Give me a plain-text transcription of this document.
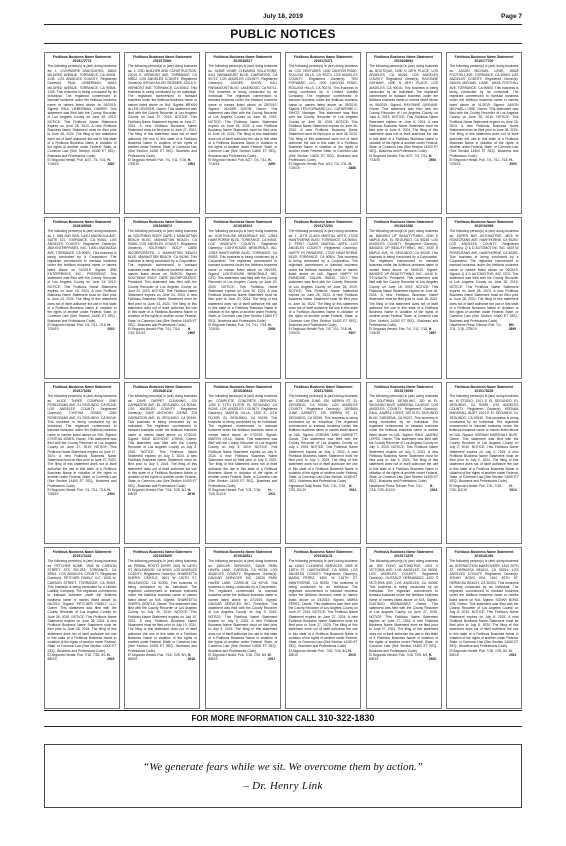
July 18, 2019	Page 7
PUBLIC NOTICES
Fictitious Business Name Statement
2019172778
The following person(s) is (are) doing business as: 1. LIVERMORE ASSOCIATES, 18615 MILDRED AVENUE, TORRANCE, CA 90504-1135. LOS ANGELES COUNTY. Registered Owner(s): PAUL LIEBERMAN, 18615 MILDRED AVENUE, TORRANCE, CA 90504-1135. This business is being conducted by an Individual. The registrant commenced to transact business under the fictitious business name or names listed above on 06/2018. Signed: PAUL LIEBERMAN, OWNER. This statement was filed with the County Recorder of Los Angeles County on June 28, 2019. NOTICE: This Fictitious Name Statement expires on June 28, 2024. A new Fictitious Business Name Statement must be filed prior to June 28, 2024. The filing of this statement does not of itself authorize the use in this state of a Fictitious Business Name in violation of the rights of another under Federal, State, or Common Law (See Section 14400 ET SEQ., Business and Professions Code).
El Segundo Herald: Pub. 6/27, 7/4, 7/11, 7/18/19
H-2887
Fictitious Business Name Statement
2019166549
The following person(s) is (are) doing business as: 1. JBM 2ND GEN, 14001 MAGNOLIA AVE, SUITE 101, TORRANCE, CA 90501. LOS ANGELES COUNTY. Registered Owner(s): JBM ENTERPRISES, INC., 14001 MAGNOLIA AVE, TORRANCE, CA 90501. This business is being conducted by a Corporation. The registrant commenced to transact business under the fictitious business name or names listed above on 01/2019. Signed: JBM ENTERPRISES, INC., PRESIDENT. This statement was filed with the County Recorder of Los Angeles County on June 24, 2019. NOTICE: This Fictitious Name Statement expires on June 24, 2024. A new Fictitious Business Name Statement must be filed prior to June 24, 2024. The filing of this statement does not of itself authorize the use in this state of a Fictitious Business Name in violation of the rights of another under Federal, State, or Common Law (See Section 14400 ET SEQ., Business and Professions Code).
El Segundo Herald: Pub. 7/4, 7/11, 7/18, 7/25/19
H-2902
Fictitious Business Name Statement
2019170281
The following person(s) is (are) doing business as: ALICE THREE COMPANY, 2060 ROSECRANS AVE, EL SEGUNDO, CA 90245. LOS ANGELES COUNTY. Registered Owner(s): CYNTHIA JONES, 2060 ROSECRANS AVE, EL SEGUNDO, CA 90245. This business is being conducted by an Individual. The registrant commenced to transact business under the fictitious business name or names listed above on N/A. Signed: CYNTHIA JONES, Owner. This statement was filed with the County Recorder of Los Angeles County on June 27, 2019. NOTICE: This Fictitious Name Statement expires on June 27, 2024. A new Fictitious Business Name Statement must be filed prior to June 27, 2024. The filing of this statement does not of itself authorize the use in this state of a Fictitious Business Name in violation of the rights of another under Federal, State, or Common Law (See Section 14400 ET SEQ., Business and Professions Code).
El Segundo Herald: Pub. 7/4, 7/11, 7/18, 7/25/19
H-2903
Fictitious Business Name Statement
2019171442
The following person(s) is (are) doing business as: PETCHER HOME, 1505 W. CARSON STREET STE 252-253, TORRANCE, CA 90501. LOS ANGELES COUNTY. Registered Owner(s): PETCHER FAMILY LLC, 1505 W. CARSON STREET, TORRANCE, CA 90501. This business is being conducted by a Limited Liability Company. The registrant commenced to transact business under the fictitious business name or names listed above on 06/2019. Signed: PETCHER FAMILY LLC, Owner. This statement was filed with the County Recorder of Los Angeles County on June 28, 2019. NOTICE: This Fictitious Name Statement expires on June 28, 2024. A new Fictitious Business Name Statement must be filed prior to June 28, 2024. The filing of this statement does not of itself authorize the use in this state of a Fictitious Business Name in violation of the rights of another under Federal, State, or Common Law (See Section 14400 ET SEQ., Business and Professions Code).
El Segundo Herald: Pub. 7/18, 7/25, 8/1, 8/8/19
H-2915
Fictitious Business Name Statement
2019170961
The following person(s) is (are) doing business as: 1. GSD BUILDER AND CONSTRUCTION, 22015 S. VERMONT AVE, TORRANCE, CA 90502. LOS ANGELES COUNTY. Registered Owner(s): BRYAN ALLEN GEISSER, 22015 S. VERMONT AVE, TORRANCE, CA 90502. This business is being conducted by an Individual. The registrant commenced to transact business under the fictitious business name or names listed above on N/A. Signed: BRYAN ALLEN GEISSER, Owner. This statement was filed with the County Recorder of Los Angeles County on June 27, 2019. NOTICE: This Fictitious Name Statement expires on June 27, 2024. A new Fictitious Business Name Statement must be filed prior to June 27, 2024. The filing of this statement does not of itself authorize the use in this state of a Fictitious Business Name in violation of the rights of another under Federal, State, or Common Law (See Section 14400 ET SEQ., Business and Professions Code).
El Segundo Herald: Pub. 7/4, 7/11, 7/18, 7/25/19
H-2904
Fictitious Business Name Statement
2019166874
The following person(s) is (are) doing business as: SOUTHBAY BODY CARE, 1 MANHATTAN BEACH BLVD, MANHATTAN BEACH, CA 90266. LOS ANGELES COUNTY. Registered Owner(s): SOUTHBAY BODY CARE INCORPORATED, 1 MANHATTAN BEACH BLVD, MANHATTAN BEACH, CA 90266. This business is being conducted by a Corporation. The registrant commenced to transact business under the fictitious business name or names listed above on 06/2019. Signed: SOUTHBAY BODY CARE INCORPORATED, President. This statement was filed with the County Recorder of Los Angeles County on June 24, 2019. NOTICE: This Fictitious Name Statement expires on June 24, 2024. A new Fictitious Business Name Statement must be filed prior to June 24, 2024. The filing of this statement does not of itself authorize the use in this state of a Fictitious Business Name in violation of the rights of another under Federal, State, or Common Law (See Section 14400 ET SEQ., Business and Professions Code).
El Segundo Herald: Pub. 7/11, 7/18, 7/25, 8/1/19
H-2909
Fictitious Business Name Statement
2019180118
The following person(s) is (are) doing business as: DAVE CARPET CLEANING, 225 CARNATION AVE, EL SEGUNDO, CA 90245. LOS ANGELES COUNTY. Registered Owner(s): DAVE ANTHONY JOHNS, 225 CARNATION AVE, EL SEGUNDO, CA 90245. This business is being conducted by an Individual. The registrant commenced to transact business under the fictitious business name or names listed above on 07/2019. Signed: DAVE ANTHONY JOHNS, Owner. This statement was filed with the County Recorder of Los Angeles County on July 3, 2019. NOTICE: This Fictitious Name Statement expires on July 3, 2024. A new Fictitious Business Name Statement must be filed prior to July 3, 2024. The filing of this statement does not of itself authorize the use in this state of a Fictitious Business Name in violation of the rights of another under Federal, State, or Common Law (See Section 14400 ET SEQ., Business and Professions Code).
El Segundo Herald: Pub. 7/18, 7/25, 8/1, 8/8/19
H-2916
Fictitious Business Name Statement
2019183609
The following person(s) is (are) doing business as: PRIMAL ROOTZ DIRRY, 2601 W 140TH ST, INGLEWOOD, CA 90303. LOS ANGELES COUNTY. Registered Owner(s): SHAREETTA SHERYL GENTLE, 2601 W 140TH ST, INGLEWOOD, CA 90303. This business is being conducted by an Individual. The registrant commenced to transact business under the fictitious business name or names listed above on N/A. Signed: SHAREETTA SHERYL GENTLE, Owner. This statement was filed with the County Recorder of Los Angeles County on July 10, 2019. NOTICE: This Fictitious Name Statement expires on July 10, 2024. A new Fictitious Business Name Statement must be filed prior to July 10, 2024. The filing of this statement does not of itself authorize the use in this state of a Fictitious Business Name in violation of the rights of another under Federal, State, or Common Law (See Section 14400 ET SEQ., Business and Professions Code).
El Segundo Herald: Pub. 7/18, 7/25, 8/1, 8/8/19
H-2918
Fictitious Business Name Statement
2019162517
The following person(s) is (are) doing business as: DUBIE HOME CLEANING SOLUTIONS, 6411 PARAMOUNT BLVD, LAKEWOOD, CA 90712. LOS ANGELES COUNTY. Registered Owner(s): JAYDEE DIXON, 6411 PARAMOUNT BLVD, LAKEWOOD, CA 90712. This business is being conducted by an Individual. The registrant commenced to transact business under the fictitious business name or names listed above on 05/2019. Signed: JAYDEE DIXON, Owner. This statement was filed with the County Recorder of Los Angeles County on June 18, 2019. NOTICE: This Fictitious Name Statement expires on June 18, 2024. A new Fictitious Business Name Statement must be filed prior to June 18, 2024. The filing of this statement does not of itself authorize the use in this state of a Fictitious Business Name in violation of the rights of another under Federal, State, or Common Law (See Section 14400 ET SEQ., Business and Professions Code).
El Segundo Herald: Pub. 6/27, 7/4, 7/11, 7/18/19
H-2890
Fictitious Business Name Statement
2019165103
The following person(s) is (are) doing business as: LIGHTHOUSE MEMORIALS INC, 12815 HAWTHORNE BLVD, TORRANCE, CA 90503. LOS ANGELES COUNTY. Registered Owner(s): LIGHTHOUSE MEMORIALS INC, 12815 HAWTHORNE BLVD, TORRANCE, CA 90503. This business is being conducted by a Corporation. The registrant commenced to transact business under the fictitious business name or names listed above on 06/2019. Signed: LIGHTHOUSE MEMORIALS INC, CEO. This statement was filed with the County Recorder of Los Angeles County on June 20, 2019. NOTICE: This Fictitious Name Statement expires on June 20, 2024. A new Fictitious Business Name Statement must be filed prior to June 20, 2024. The filing of this statement does not of itself authorize the use in this state of a Fictitious Business Name in violation of the rights of another under Federal, State, or Common Law (See Section 14400 ET SEQ., Business and Professions Code).
El Segundo Herald: Pub. 7/4, 7/11, 7/18, 7/25/19
H-2906
Fictitious Business Name Statement
2019180443
The following person(s) is (are) doing business as: COMPLETE CONCRETE SERVICES, 1250 E. 11TH FLOOR, EL SEGUNDO, CA 90245. LOS ANGELES COUNTY. Registered Owner(s): MARTIN VILLA, 1250 E. 11TH FLOOR, EL SEGUNDO, CA 90245. This business is being conducted by an Individual. The registrant commenced to transact business under the fictitious business name or names listed above on 07/2019. Signed: MARTIN VILLA, Owner. This statement was filed with the County Recorder of Los Angeles County on July 5, 2019. NOTICE: This Fictitious Name Statement expires on July 5, 2024. A new Fictitious Business Name Statement must be filed prior to July 5, 2024. The filing of this statement does not of itself authorize the use in this state of a Fictitious Business Name in violation of the rights of another under Federal, State, or Common Law (See Section 14400 ET SEQ., Business and Professions Code).
El Segundo Herald: Pub. 7/11, 7/18, 7/25, 8/1/19
H-2911
Fictitious Business Name Statement
2019182511
The following person(s) is (are) doing business as: DAVCAR SERVICES, 24026 PARK HAVEN LANE, CARSON, CA 90745. LOS ANGELES COUNTY. Registered Owner(s): DAVCAR SERVICES INC, 24026 PARK HAVEN LANE, CARSON, CA 90745. This business is being conducted by a Corporation. The registrant commenced to transact business under the fictitious business name or names listed above on 07/2019. Signed: DAVCAR SERVICES INC, President. This statement was filed with the County Recorder of Los Angeles County on July 9, 2019. NOTICE: This Fictitious Name Statement expires on July 9, 2024. A new Fictitious Business Name Statement must be filed prior to July 9, 2024. The filing of this statement does not of itself authorize the use in this state of a Fictitious Business Name in violation of the rights of another under Federal, State, or Common Law (See Section 14400 ET SEQ., Business and Professions Code).
El Segundo Herald: Pub. 7/18, 7/25, 8/1, 8/8/19
H-2917
Fictitious Business Name Statement
2019170471
The following person(s) is (are) doing business as: CCE VENTURES, 1000 CANYON ROAD, ROLLING HILLS, CA 90274. LOS ANGELES COUNTY. Registered Owner(s): TEN FORWARD LLC, 1000 CANYON ROAD, ROLLING HILLS, CA 90274. This business is being conducted by a Limited Liability Company. The registrant commenced to transact business under the fictitious business name or names listed above on 05/2019. Signed: TEN FORWARD LLC, CATHERINE C. SHATZ, Manager. This statement was filed with the County Recorder of Los Angeles County on June 26, 2019. NOTICE: This Fictitious Name Statement expires on June 26, 2024. A new Fictitious Business Name Statement must be filed prior to June 26, 2024. The filing of this statement does not of itself authorize the use in this state of a Fictitious Business Name in violation of the rights of another under Federal, State, or Common Law (See Section 14400 ET SEQ., Business and Professions Code).
El Segundo Herald: Pub. 6/27, 7/4, 7/11, 7/18/19
H-2888
Fictitious Business Name Statement
2019172294
The following person(s) is (are) doing business as: 1. 11TH CLASS MARTIAL ARTS, 17240 HAWTHORNE BLVD, TORRANCE, CA 90504. 2. FIRST CLASS MARTIAL ARTS. LOS ANGELES COUNTY. Registered Owner(s): HAPPY IN PARADISE, 17240 HAWTHORNE BLVD, TORRANCE, CA 90504. This business is being conducted by a Corporation. The registrant commenced to transact business under the fictitious business name or names listed above on N/A. Signed: HAPPY IN PARADISE, CALVIN WANG, CEO. This statement was filed with the County Recorder of Los Angeles County on June 26, 2019. NOTICE: This Fictitious Name Statement expires on June 26, 2024. A new Fictitious Business Name Statement must be filed prior to June 26, 2024. The filing of this statement does not of itself authorize the use in this state of a Fictitious Business Name in violation of the rights of another under Federal, State, or Common Law (See Section 14400 ET SEQ., Business and Professions Code).
El Segundo Herald: Pub. 7/4, 7/11, 7/18, 7/25/19
H-2907
Fictitious Business Name Statement
2019170853
The following person(s) is (are) doing business as: JORDAN JUNE, 150 SIERRA ST, EL SEGUNDO, CA 90245. LOS ANGELES COUNTY. Registered Owner(s): JORDAN JUNE GARNETT, 150 SIERRA ST, EL SEGUNDO, CA 90245. This business is being conducted by an Individual. The registrant commenced to transact business under the fictitious business name or names listed above on N/A. Signed: JORDAN JUNE GARNETT, Owner. This statement was filed with the County Recorder of Los Angeles County on July 1, 2019. NOTICE: This Fictitious Name Statement expires on July 1, 2024. A new Fictitious Business Name Statement must be filed prior to July 1, 2024. The filing of this statement does not of itself authorize the use in this state of a Fictitious Business Name in violation of the rights of another under Federal, State, or Common Law (See Section 14400 ET SEQ., Business and Professions Code).
Inglewood Daily News: Pub. 7/11, 7/18, 7/25, 8/1/19
H-2912
Fictitious Business Name Statement
2019183131
The following person(s) is (are) doing business as: DAILY CLEANING SERVICES, 4909 W 118TH ST, HAWTHORNE, CA 90250. LOS ANGELES COUNTY. Registered Owner(s): MARIA PEREZ, 4909 W 118TH ST, HAWTHORNE, CA 90250. This business is being conducted by an Individual. The registrant commenced to transact business under the fictitious business name or names listed above on 03/2019. Signed: MARIA PEREZ, Owner. This statement was filed with the County Recorder of Los Angeles County on June 27, 2019. NOTICE: This Fictitious Name Statement expires on June 27, 2024. A new Fictitious Business Name Statement must be filed prior to June 27, 2024. The filing of this statement does not of itself authorize the use in this state of a Fictitious Business Name in violation of the rights of another under Federal, State, or Common Law (See Section 14400 ET SEQ., Business and Professions Code).
El Segundo Herald: Pub. 7/18, 7/25, 8/1, 8/8/19
H-2919
Fictitious Business Name Statement
2019168094
The following person(s) is (are) doing business as: BOUTIQUE, 1530 N 28TH PLACE, LOS ANGELES, CA 90016. LOS ANGELES COUNTY. Registered Owner(s): RAYONNE GAYNAIR, 1530 N 28TH PLACE, LOS ANGELES, CA 90016. This business is being conducted by an Individual. The registrant commenced to transact business under the fictitious business name or names listed above on 06/2019. Signed: RAYONNE GAYNAIR, Owner. This statement was filed with the County Recorder of Los Angeles County on June 6, 2019. NOTICE: This Fictitious Name Statement expires on June 6, 2024. A new Fictitious Business Name Statement must be filed prior to June 6, 2024. The filing of this statement does not of itself authorize the use in this state of a Fictitious Business Name in violation of the rights of another under Federal, State, or Common Law (See Section 14400 ET SEQ., Business and Professions Code).
El Segundo Herald: Pub. 6/27, 7/4, 7/11, 7/18/19
H-2891
Fictitious Business Name Statement
2019162286
The following person(s) is (are) doing business as: BANGED UP BEAUTYTHING, 2030 E MAPLE AVE, EL SEGUNDO, CA 90245. LOS ANGELES COUNTY. Registered Owner(s): BANGED UP BEAUTYTHING, INC, 2030 E MAPLE AVE, EL SEGUNDO, CA 90245. This business is being conducted by a Corporation. The registrant commenced to transact business under the fictitious business name or names listed above on 06/2019. Signed: BANGED UP BEAUTYTHING, INC, JULIE D. STOLNACK, President. This statement was filed with the County Recorder of Los Angeles County on June 18, 2019. NOTICE: This Fictitious Name Statement expires on June 18, 2024. A new Fictitious Business Name Statement must be filed prior to June 18, 2024. The filing of this statement does not of itself authorize the use in this state of a Fictitious Business Name in violation of the rights of another under Federal, State, or Common Law (See Section 14400 ET SEQ., Business and Professions Code).
El Segundo Herald: Pub. 7/4, 7/11, 7/18, 7/25/19
H-2897
Fictitious Business Name Statement
2019176095
The following person(s) is (are) doing business as: SOUTHBAY DETAILING, 320 W EL SEGUNDO BLVD, GARDENA, CA 90247. LOS ANGELES COUNTY. Registered Owner(s): RAUL JUAREZ LOPEZ, 320 W EL SEGUNDO BLVD, GARDENA, CA 90247. This business is being conducted by an Individual. The registrant commenced to transact business under the fictitious business name or names listed above on N/A. Signed: RAUL JUAREZ LOPEZ, Owner. This statement was filed with the County Recorder of Los Angeles County on July 3, 2019. NOTICE: This Fictitious Name Statement expires on July 3, 2024. A new Fictitious Business Name Statement must be filed prior to July 3, 2024. The filing of this statement does not of itself authorize the use in this state of a Fictitious Business Name in violation of the rights of another under Federal, State, or Common Law (See Section 14400 ET SEQ., Business and Professions Code).
Hawthorne Press Tribune: Pub. 7/11, 7/18, 7/25, 8/1/19
H-2913
Fictitious Business Name Statement
2019171878
The following person(s) is (are) doing business as: SIR FOOD AUTOMOTIVE, 4202 S VICTORIA AVE, LOS ANGELES, CA 90008. LOS ANGELES COUNTY. Registered Owner(s): GUSTAVO HERNANDEZ, 4202 S VICTORIA AVE, LOS ANGELES, CA 90008. This business is being conducted by an Individual. The registrant commenced to transact business under the fictitious business name or names listed above on N/A. Signed: GUSTAVO HERNANDEZ, Owner. This statement was filed with the County Recorder of Los Angeles County on June 27, 2019. NOTICE: This Fictitious Name Statement expires on June 27, 2024. A new Fictitious Business Name Statement must be filed prior to June 27, 2024. The filing of this statement does not of itself authorize the use in this state of a Fictitious Business Name in violation of the rights of another under Federal, State, or Common Law (See Section 14400 ET SEQ., Business and Professions Code).
El Segundo Herald: Pub. 7/18, 7/25, 8/1, 8/8/19
H-2920
Fictitious Business Name Statement
2019177700
The following person(s) is (are) doing business as: JASON MICHAEL LOWE, 16628 FOOTHILL AVE, TORRANCE, CA 90504. LOS ANGELES COUNTY. Registered Owner(s): JASON MICHAEL LOWE, 16628 FOOTHILL AVE, TORRANCE, CA 90504. This business is being conducted by an Individual. The registrant commenced to transact business under the fictitious business name or names listed above on 01/2019. Signed: JASON MICHAEL LOWE, Owner. This statement was filed with the County Recorder of Los Angeles County on June 28, 2019. NOTICE: This Fictitious Name Statement expires on June 28, 2024. A new Fictitious Business Name Statement must be filed prior to June 28, 2024. The filing of this statement does not of itself authorize the use in this state of a Fictitious Business Name in violation of the rights of another under Federal, State, or Common Law (See Section 14400 ET SEQ., Business and Professions Code).
El Segundo Herald: Pub. 7/4, 7/11, 7/18, 7/25/19
H-2903
Fictitious Business Name Statement
2019182905
The following person(s) is (are) doing business as: SUPER BAY AUTOMOTIVE, 4875 W ROSECRANS AVE, HAWTHORNE, CA 90250. LOS ANGELES COUNTY. Registered Owner(s): Q & D AUTOMOTIVE, INC, 4875 W ROSECRANS AVE, HAWTHORNE, CA 90250. This business is being conducted by a Corporation. The registrant commenced to transact business under the fictitious business name or names listed above on 06/2019. Signed: Q & D AUTOMOTIVE, INC, CEO. This statement was filed with the County Recorder of Los Angeles County on June 28, 2019. NOTICE: This Fictitious Name Statement expires on June 28, 2024. A new Fictitious Business Name Statement must be filed prior to June 28, 2024. The filing of this statement does not of itself authorize the use in this state of a Fictitious Business Name in violation of the rights of another under Federal, State, or Common Law (See Section 14400 ET SEQ., Business and Professions Code).
Hawthorne Press Tribune: Pub. 7/4, 7/11, 7/18, 7/25/19
HH-2899
Fictitious Business Name Statement
2019178245
The following person(s) is (are) doing business as: M STUDIO, 2101 E EL SEGUNDO, EL SEGUNDO, CA 90245. LOS ANGELES COUNTY. Registered Owner(s): KEENAN MARSHALL BURT, 2101 E EL SEGUNDO, EL SEGUNDO, CA 90245. This business is being conducted by an Individual. The registrant commenced to transact business under the fictitious business name or names listed above on N/A. Signed: KEENAN MARSHALL BURT, Owner. This statement was filed with the County Recorder of Los Angeles County on July 2, 2019. NOTICE: This Fictitious Name Statement expires on July 2, 2024. A new Fictitious Business Name Statement must be filed prior to July 2, 2024. The filing of this statement does not of itself authorize the use in this state of a Fictitious Business Name in violation of the rights of another under Federal, State, or Common Law (See Section 14400 ET SEQ., Business and Professions Code).
El Segundo Herald: Pub. 7/11, 7/18, 7/25, 8/1/19
H-2914
Fictitious Business Name Statement
2019181454
The following person(s) is (are) doing business as: INTERACTION MAKEOVERS, 1510 26TH ST, HERMOSA BEACH, CA 90254. LOS ANGELES COUNTY. Registered Owner(s): SONNY BONG KIM, 1510 26TH ST, HERMOSA BEACH, CA 90254. This business is being conducted by an Individual. The registrant commenced to transact business under the fictitious business name or names listed above on N/A. Signed: SONNY BONG KIM, Owner. This statement was filed with the County Recorder of Los Angeles County on July 8, 2019. NOTICE: This Fictitious Name Statement expires on July 8, 2024. A new Fictitious Business Name Statement must be filed prior to July 8, 2024. The filing of this statement does not of itself authorize the use in this state of a Fictitious Business Name in violation of the rights of another under Federal, State, or Common Law (See Section 14400 ET SEQ., Business and Professions Code).
El Segundo Herald: Pub. 7/18, 7/25, 8/1, 8/8/19
H-2921
FOR MORE INFORMATION CALL 310-322-1830
“We generate fears while we sit. We overcome them by action.”
– Dr. Henry Link
